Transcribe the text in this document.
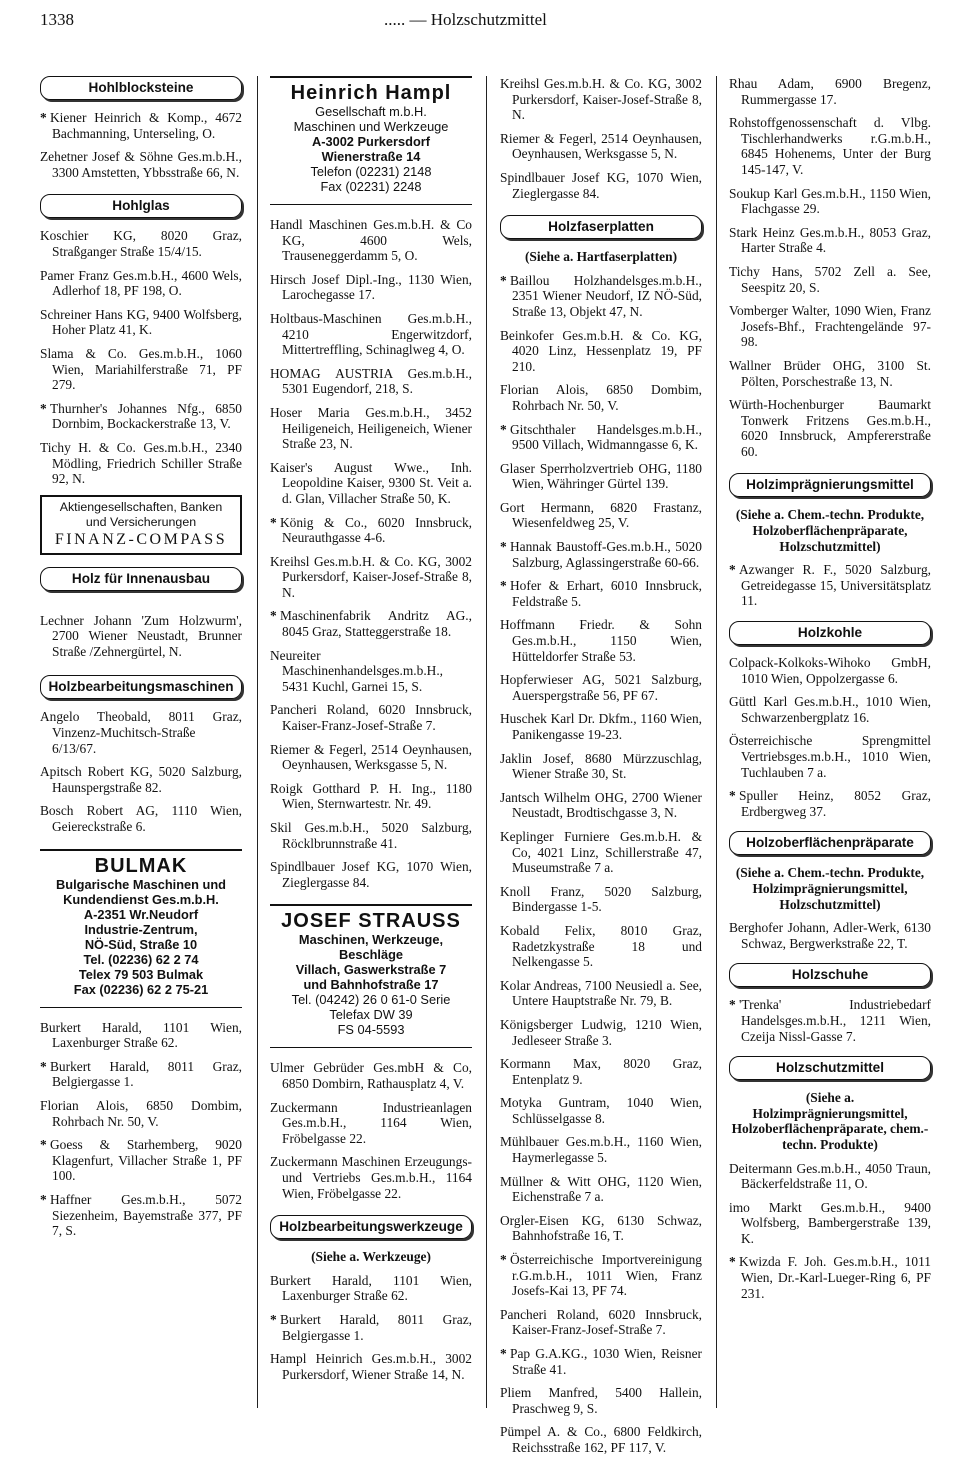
1338	..... — Holzschutzmittel
Hohlblocksteine
* Kiener Heinrich & Komp., 4672 Bachmanning, Unterseling, O.
Zehetner Josef & Söhne Ges.m.b.H., 3300 Amstetten, Ybbsstraße 66, N.
Hohlglas
Koschier KG, 8020 Graz, Straßganger Straße 15/4/15.
Pamer Franz Ges.m.b.H., 4600 Wels, Adlerhof 18, PF 198, O.
Schreiner Hans KG, 9400 Wolfsberg, Hoher Platz 41, K.
Slama & Co. Ges.m.b.H., 1060 Wien, Mariahilferstraße 71, PF 279.
* Thurnher's Johannes Nfg., 6850 Dornbim, Bockackerstraße 13, V.
Tichy H. & Co. Ges.m.b.H., 2340 Mödling, Friedrich Schiller Straße 92, N.
Aktiengesellschaften, Banken
und Versicherungen
FINANZ-COMPASS
Holz für Innenausbau
Lechner Johann 'Zum Holzwurm', 2700 Wiener Neustadt, Brunner Straße /Zehnergürtel, N.
Holzbearbeitungsmaschinen
Angelo Theobald, 8011 Graz, Vinzenz-Muchitsch-Straße 6/13/67.
Apitsch Robert KG, 5020 Salzburg, Haunspergstraße 82.
Bosch Robert AG, 1110 Wien, Geiereckstraße 6.
BULMAK
Bulgarische Maschinen und
Kundendienst Ges.m.b.H.
A-2351 Wr.Neudorf
Industrie-Zentrum,
NÖ-Süd, Straße 10
Tel. (02236) 62 2 74
Telex 79 503 Bulmak
Fax (02236) 62 2 75-21
Burkert Harald, 1101 Wien, Laxenburger Straße 62.
* Burkert Harald, 8011 Graz, Belgiergasse 1.
Florian Alois, 6850 Dombim, Rohrbach Nr. 50, V.
* Goess & Starhemberg, 9020 Klagenfurt, Villacher Straße 1, PF 100.
* Haffner Ges.m.b.H., 5072 Siezenheim, Bayemstraße 377, PF 7, S.
Heinrich Hampl
Gesellschaft m.b.H.
Maschinen und Werkzeuge
A-3002 Purkersdorf
Wienerstraße 14
Telefon (02231) 2148
Fax (02231) 2248
Handl Maschinen Ges.m.b.H. & Co KG, 4600 Wels, Trauseneggerdamm 5, O.
Hirsch Josef Dipl.-Ing., 1130 Wien, Larochegasse 17.
Holtbaus-Maschinen Ges.m.b.H., 4210 Engerwitzdorf, Mittertreffling, Schinaglweg 4, O.
HOMAG AUSTRIA Ges.m.b.H., 5301 Eugendorf, 218, S.
Hoser Maria Ges.m.b.H., 3452 Heiligeneich, Heiligeneich, Wiener Straße 23, N.
Kaiser's August Wwe., Inh. Leopoldine Kaiser, 9300 St. Veit a. d. Glan, Villacher Straße 50, K.
* König & Co., 6020 Innsbruck, Neurauthgasse 4-6.
Kreihsl Ges.m.b.H. & Co. KG, 3002 Purkersdorf, Kaiser-Josef-Straße 8, N.
* Maschinenfabrik Andritz AG., 8045 Graz, Statteggerstraße 18.
Neureiter Maschinenhandelsges.m.b.H., 5431 Kuchl, Garnei 15, S.
Pancheri Roland, 6020 Innsbruck, Kaiser-Franz-Josef-Straße 7.
Riemer & Fegerl, 2514 Oeynhausen, Oeynhausen, Werksgasse 5, N.
Roigk Gotthard P. H. Ing., 1180 Wien, Sternwartestr. Nr. 49.
Skil Ges.m.b.H., 5020 Salzburg, Röcklbrunnstraße 41.
Spindlbauer Josef KG, 1070 Wien, Zieglergasse 84.
JOSEF STRAUSS
Maschinen, Werkzeuge,
Beschläge
Villach, Gaswerkstraße 7
und Bahnhofstraße 17
Tel. (04242) 26 0 61-0 Serie
Telefax DW 39
FS 04-5593
Ulmer Gebrüder Ges.mbH & Co, 6850 Dombirn, Rathausplatz 4, V.
Zuckermann Industrieanlagen Ges.m.b.H., 1164 Wien, Fröbelgasse 22.
Zuckermann Maschinen Erzeugungs- und Vertriebs Ges.m.b.H., 1164 Wien, Fröbelgasse 22.
Holzbearbeitungswerkzeuge
(Siehe a. Werkzeuge)
Burkert Harald, 1101 Wien, Laxenburger Straße 62.
* Burkert Harald, 8011 Graz, Belgiergasse 1.
Hampl Heinrich Ges.m.b.H., 3002 Purkersdorf, Wiener Straße 14, N.
Kreihsl Ges.m.b.H. & Co. KG, 3002 Purkersdorf, Kaiser-Josef-Straße 8, N.
Riemer & Fegerl, 2514 Oeynhausen, Oeynhausen, Werksgasse 5, N.
Spindlbauer Josef KG, 1070 Wien, Zieglergasse 84.
Holzfaserplatten
(Siehe a. Hartfaserplatten)
* Baillou Holzhandelsges.m.b.H., 2351 Wiener Neudorf, IZ NÖ-Süd, Straße 13, Objekt 47, N.
Beinkofer Ges.m.b.H. & Co. KG, 4020 Linz, Hessenplatz 19, PF 210.
Florian Alois, 6850 Dombim, Rohrbach Nr. 50, V.
* Gitschthaler Handelsges.m.b.H., 9500 Villach, Widmanngasse 6, K.
Glaser Sperrholzvertrieb OHG, 1180 Wien, Währinger Gürtel 139.
Gort Hermann, 6820 Frastanz, Wiesenfeldweg 25, V.
* Hannak Baustoff-Ges.m.b.H., 5020 Salzburg, Aglassingerstraße 60-66.
* Hofer & Erhart, 6010 Innsbruck, Feldstraße 5.
Hoffmann Friedr. & Sohn Ges.m.b.H., 1150 Wien, Hütteldorfer Straße 53.
Hopferwieser AG, 5021 Salzburg, Auerspergstraße 56, PF 67.
Huschek Karl Dr. Dkfm., 1160 Wien, Panikengasse 19-23.
Jaklin Josef, 8680 Mürzzuschlag, Wiener Straße 30, St.
Jantsch Wilhelm OHG, 2700 Wiener Neustadt, Brodtischgasse 3, N.
Keplinger Furniere Ges.m.b.H. & Co, 4021 Linz, Schillerstraße 47, Museumstraße 7 a.
Knoll Franz, 5020 Salzburg, Bindergasse 1-5.
Kobald Felix, 8010 Graz, Radetzkystraße 18 und Nelkengasse 5.
Kolar Andreas, 7100 Neusiedl a. See, Untere Hauptstraße Nr. 79, B.
Königsberger Ludwig, 1210 Wien, Jedleseer Straße 3.
Kormann Max, 8020 Graz, Entenplatz 9.
Motyka Guntram, 1040 Wien, Schlüsselgasse 8.
Mühlbauer Ges.m.b.H., 1160 Wien, Haymerlegasse 5.
Müllner & Witt OHG, 1120 Wien, Eichenstraße 7 a.
Orgler-Eisen KG, 6130 Schwaz, Bahnhofstraße 16, T.
* Österreichische Importvereinigung r.G.m.b.H., 1011 Wien, Franz Josefs-Kai 13, PF 74.
Pancheri Roland, 6020 Innsbruck, Kaiser-Franz-Josef-Straße 7.
* Pap G.A.KG., 1030 Wien, Reisner Straße 41.
Pliem Manfred, 5400 Hallein, Praschweg 9, S.
Pümpel A. & Co., 6800 Feldkirch, Reichsstraße 162, PF 117, V.
Rhau Adam, 6900 Bregenz, Rummergasse 17.
Rohstoffgenossenschaft d. Vlbg. Tischlerhandwerks r.G.m.b.H., 6845 Hohenems, Unter der Burg 145-147, V.
Soukup Karl Ges.m.b.H., 1150 Wien, Flachgasse 29.
Stark Heinz Ges.m.b.H., 8053 Graz, Harter Straße 4.
Tichy Hans, 5702 Zell a. See, Seespitz 20, S.
Vomberger Walter, 1090 Wien, Franz Josefs-Bhf., Frachtengelände 97-98.
Wallner Brüder OHG, 3100 St. Pölten, Porschestraße 13, N.
Würth-Hochenburger Baumarkt Tonwerk Fritzens Ges.m.b.H., 6020 Innsbruck, Ampfererstraße 60.
Holzimprägnierungsmittel
(Siehe a. Chem.-techn. Produkte, Holzoberflächenpräparate, Holzschutzmittel)
* Azwanger R. F., 5020 Salzburg, Getreidegasse 15, Universitätsplatz 11.
Holzkohle
Colpack-Kolkoks-Wihoko GmbH, 1010 Wien, Oppolzergasse 6.
Güttl Karl Ges.m.b.H., 1010 Wien, Schwarzenbergplatz 16.
Österreichische Sprengmittel Vertriebsges.m.b.H., 1010 Wien, Tuchlauben 7 a.
* Spuller Heinz, 8052 Graz, Erdbergweg 37.
Holzoberflächenpräparate
(Siehe a. Chem.-techn. Produkte, Holzimprägnierungsmittel, Holzschutzmittel)
Berghofer Johann, Adler-Werk, 6130 Schwaz, Bergwerkstraße 22, T.
Holzschuhe
* 'Trenka' Industriebedarf Handelsges.m.b.H., 1211 Wien, Czeija Nissl-Gasse 7.
Holzschutzmittel
(Siehe a. Holzimprägnierungsmittel, Holzoberflächenpräparate, chem.-techn. Produkte)
Deitermann Ges.m.b.H., 4050 Traun, Bäckerfeldstraße 11, O.
imo Markt Ges.m.b.H., 9400 Wolfsberg, Bambergerstraße 139, K.
* Kwizda F. Joh. Ges.m.b.H., 1011 Wien, Dr.-Karl-Lueger-Ring 6, PF 231.
